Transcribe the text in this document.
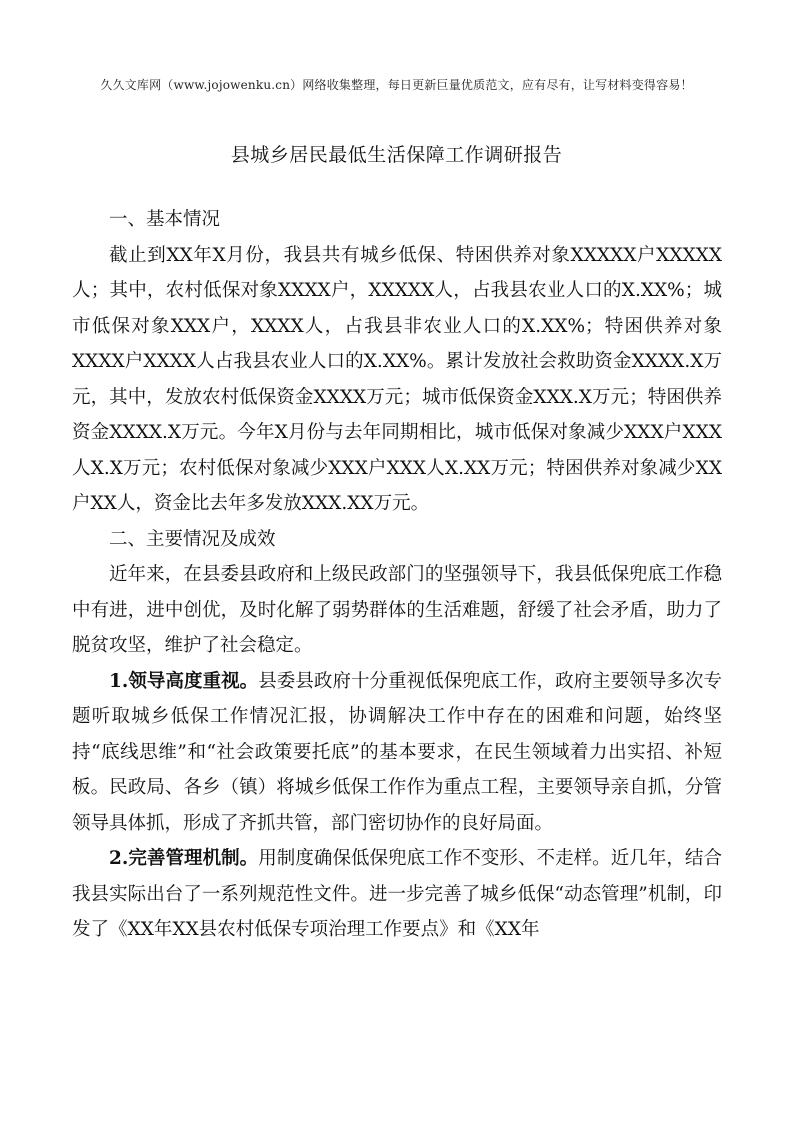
久久文库网（www.jojowenku.cn）网络收集整理，每日更新巨量优质范文，应有尽有，让写材料变得容易！
县城乡居民最低生活保障工作调研报告

一、基本情况

截止到XX年X月份，我县共有城乡低保、特困供养对象XXXXX户XXXXX人；其中，农村低保对象XXXX户，XXXXX人，占我县农业人口的X.XX%；城市低保对象XXX户，XXXX人，占我县非农业人口的X.XX%；特困供养对象XXXX户XXXX人占我县农业人口的X.XX%。累计发放社会救助资金XXXX.X万元，其中，发放农村低保资金XXXX万元；城市低保资金XXX.X万元；特困供养资金XXXX.X万元。今年X月份与去年同期相比，城市低保对象减少XXX户XXX人X.X万元；农村低保对象减少XXX户XXX人X.XX万元；特困供养对象减少XX户XX人，资金比去年多发放XXX.XX万元。

二、主要情况及成效

近年来，在县委县政府和上级民政部门的坚强领导下，我县低保兜底工作稳中有进，进中创优，及时化解了弱势群体的生活难题，舒缓了社会矛盾，助力了脱贫攻坚，维护了社会稳定。

1.领导高度重视。县委县政府十分重视低保兜底工作，政府主要领导多次专题听取城乡低保工作情况汇报，协调解决工作中存在的困难和问题，始终坚持“底线思维”和“社会政策要托底”的基本要求，在民生领域着力出实招、补短板。民政局、各乡（镇）将城乡低保工作作为重点工程，主要领导亲自抓，分管领导具体抓，形成了齐抓共管，部门密切协作的良好局面。

2.完善管理机制。用制度确保低保兜底工作不变形、不走样。近几年，结合我县实际出台了一系列规范性文件。进一步完善了城乡低保“动态管理”机制，印发了《XX年XX县农村低保专项治理工作要点》和《XX年
